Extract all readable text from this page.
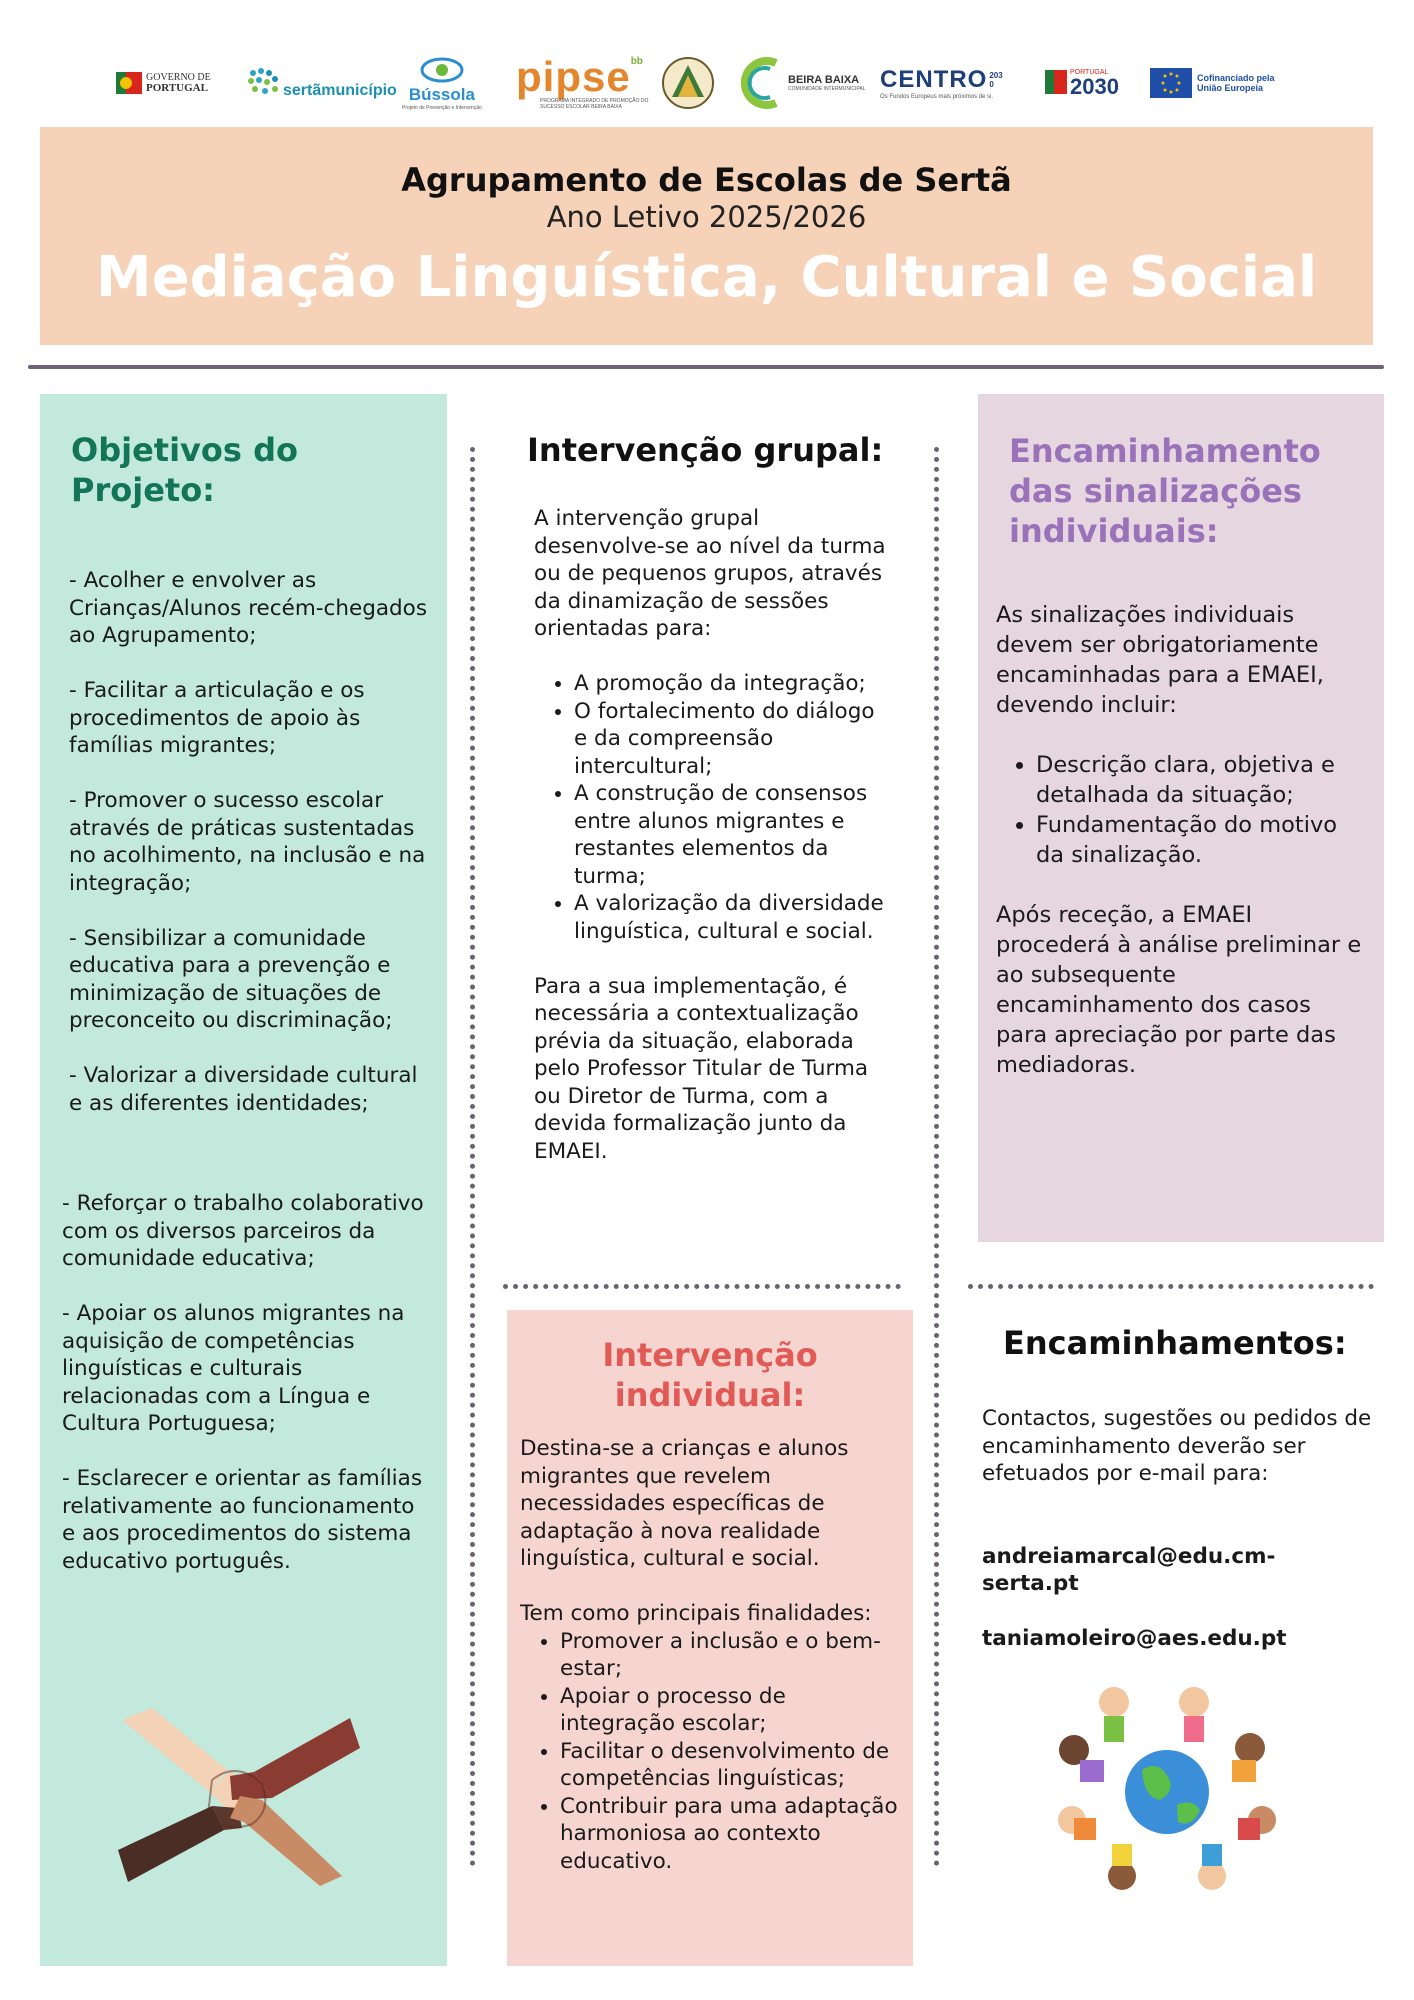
GOVERNO DE
PORTUGAL	sertãmunicípio Bússola
Projeto de Prevenção e Intervenção
pipse bb
PROGRAMA INTEGRADO DE PROMOÇÃO DO SUCESSO ESCOLAR BEIRA BAIXA
BEIRA BAIXA
COMUNIDADE INTERMUNICIPAL CENTRO 2030
Os Fundos Europeus mais próximos de si.
PORTUGAL
2030	Cofinanciado pela
União Europeia
Agrupamento de Escolas de Sertã
Ano Letivo 2025/2026
Mediação Linguística, Cultural e Social
Objetivos do Projeto:

- Acolher e envolver as Crianças/Alunos recém-chegados ao Agrupamento;

- Facilitar a articulação e os procedimentos de apoio às famílias migrantes;

- Promover o sucesso escolar através de práticas sustentadas no acolhimento, na inclusão e na integração;

- Sensibilizar a comunidade educativa para a prevenção e minimização de situações de preconceito ou discriminação;

- Valorizar a diversidade cultural e as diferentes identidades;

- Reforçar o trabalho colaborativo com os diversos parceiros da comunidade educativa;

- Apoiar os alunos migrantes na aquisição de competências linguísticas e culturais relacionadas com a Língua e Cultura Portuguesa;

- Esclarecer e orientar as famílias relativamente ao funcionamento e aos procedimentos do sistema educativo português.

Intervenção grupal:

A intervenção grupal desenvolve-se ao nível da turma ou de pequenos grupos, através da dinamização de sessões orientadas para:

• A promoção da integração;
• O fortalecimento do diálogo e da compreensão intercultural;
• A construção de consensos entre alunos migrantes e restantes elementos da turma;
• A valorização da diversidade linguística, cultural e social.

Para a sua implementação, é necessária a contextualização prévia da situação, elaborada pelo Professor Titular de Turma ou Diretor de Turma, com a devida formalização junto da EMAEI.

Intervenção individual:

Destina-se a crianças e alunos migrantes que revelem necessidades específicas de adaptação à nova realidade linguística, cultural e social.

Tem como principais finalidades:

• Promover a inclusão e o bem-estar;
• Apoiar o processo de integração escolar;
• Facilitar o desenvolvimento de competências linguísticas;
• Contribuir para uma adaptação harmoniosa ao contexto educativo.
Encaminhamento das sinalizações individuais:

As sinalizações individuais devem ser obrigatoriamente encaminhadas para a EMAEI, devendo incluir:

• Descrição clara, objetiva e detalhada da situação;
• Fundamentação do motivo da sinalização.

Após receção, a EMAEI procederá à análise preliminar e ao subsequente encaminhamento dos casos para apreciação por parte das mediadoras.

Encaminhamentos:

Contactos, sugestões ou pedidos de encaminhamento deverão ser efetuados por e-mail para:

andreiamarcal@edu.cm-serta.pt

taniamoleiro@aes.edu.pt
